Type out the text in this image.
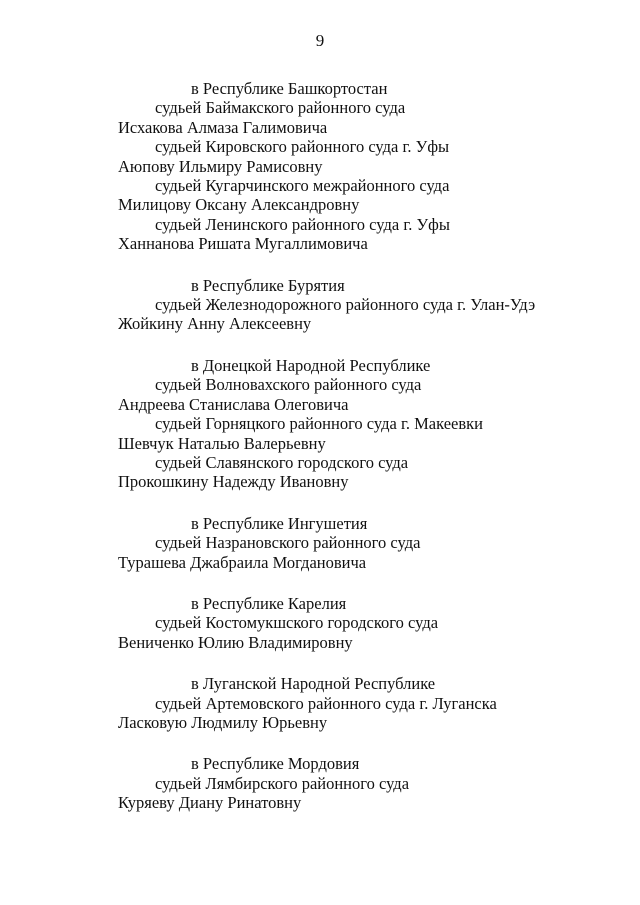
9
в Республике Башкортостан
судьей Баймакского районного суда
Исхакова Алмаза Галимовича
судьей Кировского районного суда г. Уфы
Аюпову Ильмиру Рамисовну
судьей Кугарчинского межрайонного суда
Милицову Оксану Александровну
судьей Ленинского районного суда г. Уфы
Ханнанова Ришата Мугаллимовича
в Республике Бурятия
судьей Железнодорожного районного суда г. Улан-Удэ
Жойкину Анну Алексеевну
в Донецкой Народной Республике
судьей Волновахского районного суда
Андреева Станислава Олеговича
судьей Горняцкого районного суда г. Макеевки
Шевчук Наталью Валерьевну
судьей Славянского городского суда
Прокошкину Надежду Ивановну
в Республике Ингушетия
судьей Назрановского районного суда
Турашева Джабраила Могдановича
в Республике Карелия
судьей Костомукшского городского суда
Вениченко Юлию Владимировну
в Луганской Народной Республике
судьей Артемовского районного суда г. Луганска
Ласковую Людмилу Юрьевну
в Республике Мордовия
судьей Лямбирского районного суда
Куряеву Диану Ринатовну
